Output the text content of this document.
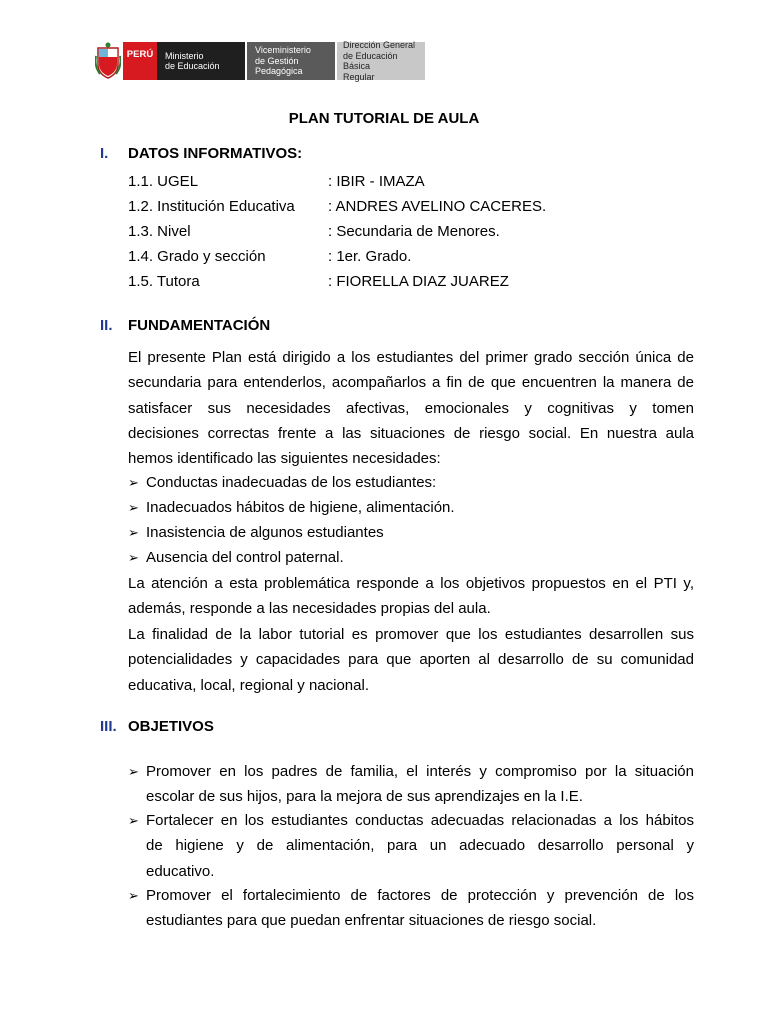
PERÚ Ministerio
de Educación
Viceministerio
de Gestión Pedagógica
Dirección General
de Educación Básica
Regular
PLAN TUTORIAL DE AULA
I. DATOS INFORMATIVOS:
1.1. UGEL	: IBIR - IMAZA
1.2. Institución Educativa : ANDRES AVELINO CACERES.
1.3. Nivel	: Secundaria de Menores.
1.4. Grado y sección	: 1er. Grado.
1.5. Tutora	: FIORELLA DIAZ JUAREZ
II. FUNDAMENTACIÓN
El presente Plan está dirigido a los estudiantes del primer grado sección única de
secundaria para entenderlos, acompañarlos a fin de que encuentren la manera de
satisfacer sus necesidades afectivas, emocionales y cognitivas y tomen
decisiones correctas frente a las situaciones de riesgo social. En nuestra aula
hemos identificado las siguientes necesidades:
➢ Conductas inadecuadas de los estudiantes:
➢ Inadecuados hábitos de higiene, alimentación.
➢ Inasistencia de algunos estudiantes
➢ Ausencia del control paternal.
La atención a esta problemática responde a los objetivos propuestos en el PTI y,
además, responde a las necesidades propias del aula.
La finalidad de la labor tutorial es promover que los estudiantes desarrollen sus
potencialidades y capacidades para que aporten al desarrollo de su comunidad
educativa, local, regional y nacional.
III. OBJETIVOS
➢ Promover en los padres de familia, el interés y compromiso por la situación
escolar de sus hijos, para la mejora de sus aprendizajes en la I.E.
➢ Fortalecer en los estudiantes conductas adecuadas relacionadas a los hábitos
de higiene y de alimentación, para un adecuado desarrollo personal y
educativo.
➢ Promover el fortalecimiento de factores de protección y prevención de los
estudiantes para que puedan enfrentar situaciones de riesgo social.
